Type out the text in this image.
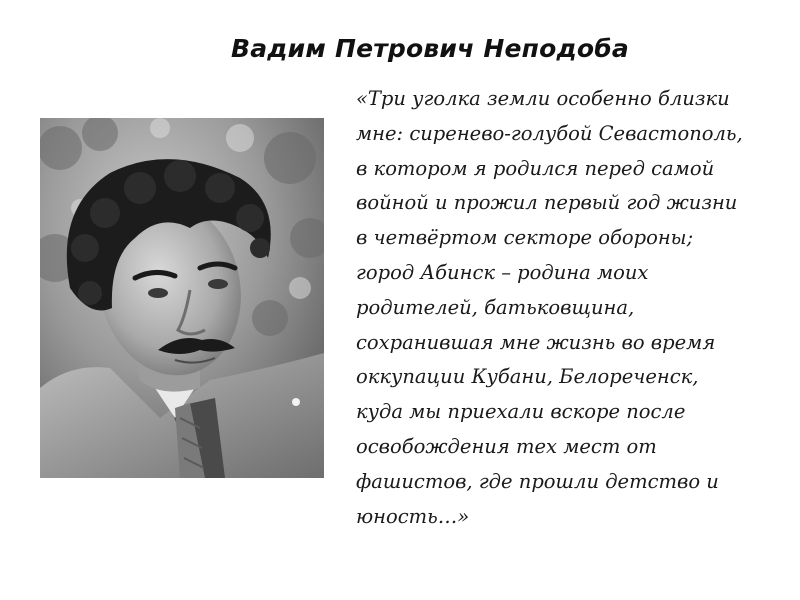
Вадим Петрович Неподоба
«Три уголка земли особенно близки
мне: сиренево-голубой Севастополь,
в котором я родился перед самой
войной и прожил первый год жизни
в четвёртом секторе обороны;
город Абинск – родина моих
родителей, батьковщина,
сохранившая мне жизнь во время
оккупации Кубани, Белореченск,
куда мы приехали вскоре после
освобождения тех мест от
фашистов, где прошли детство и
юность…»
